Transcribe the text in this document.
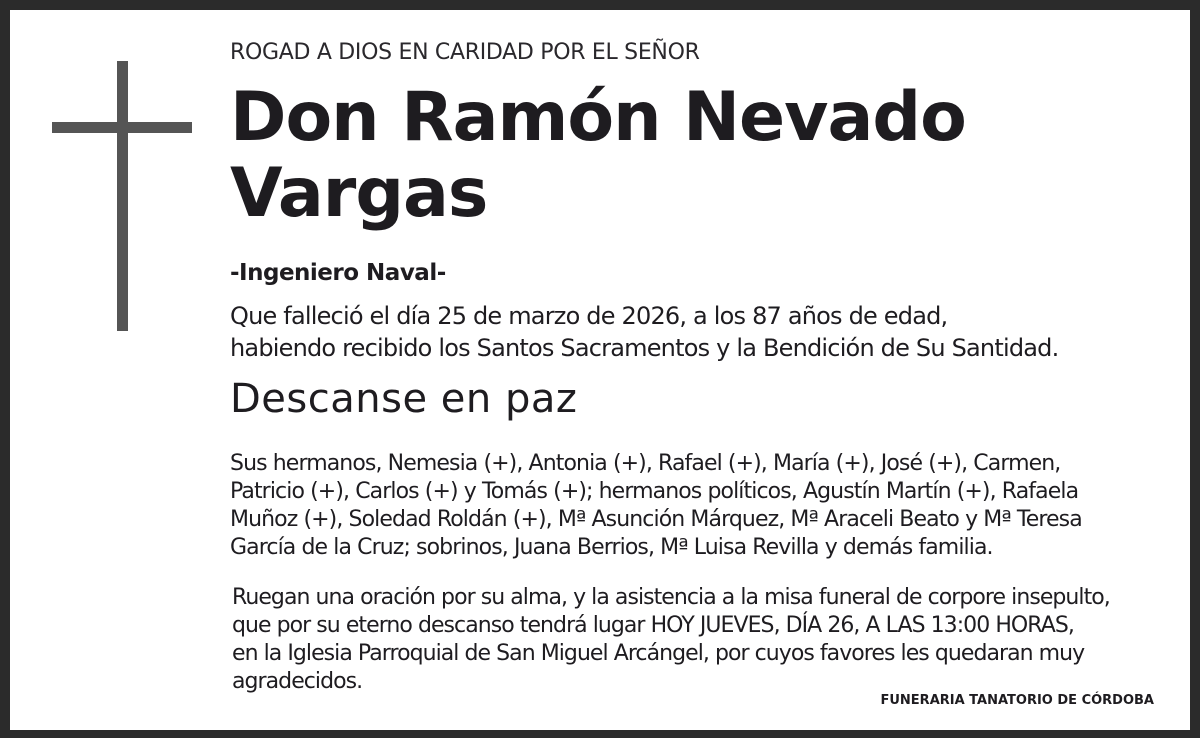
ROGAD A DIOS EN CARIDAD POR EL SEÑOR
Don Ramón Nevado
Vargas
-Ingeniero Naval-
Que falleció el día 25 de marzo de 2026, a los 87 años de edad,
habiendo recibido los Santos Sacramentos y la Bendición de Su Santidad.
Descanse en paz
Sus hermanos, Nemesia (+), Antonia (+), Rafael (+), María (+), José (+), Carmen,
Patricio (+), Carlos (+) y Tomás (+); hermanos políticos, Agustín Martín (+), Rafaela
Muñoz (+), Soledad Roldán (+), Mª Asunción Márquez, Mª Araceli Beato y Mª Teresa
García de la Cruz; sobrinos, Juana Berrios, Mª Luisa Revilla y demás familia.
Ruegan una oración por su alma, y la asistencia a la misa funeral de corpore insepulto,
que por su eterno descanso tendrá lugar HOY JUEVES, DÍA 26, A LAS 13:00 HORAS,
en la Iglesia Parroquial de San Miguel Arcángel, por cuyos favores les quedaran muy
agradecidos.
FUNERARIA TANATORIO DE CÓRDOBA
